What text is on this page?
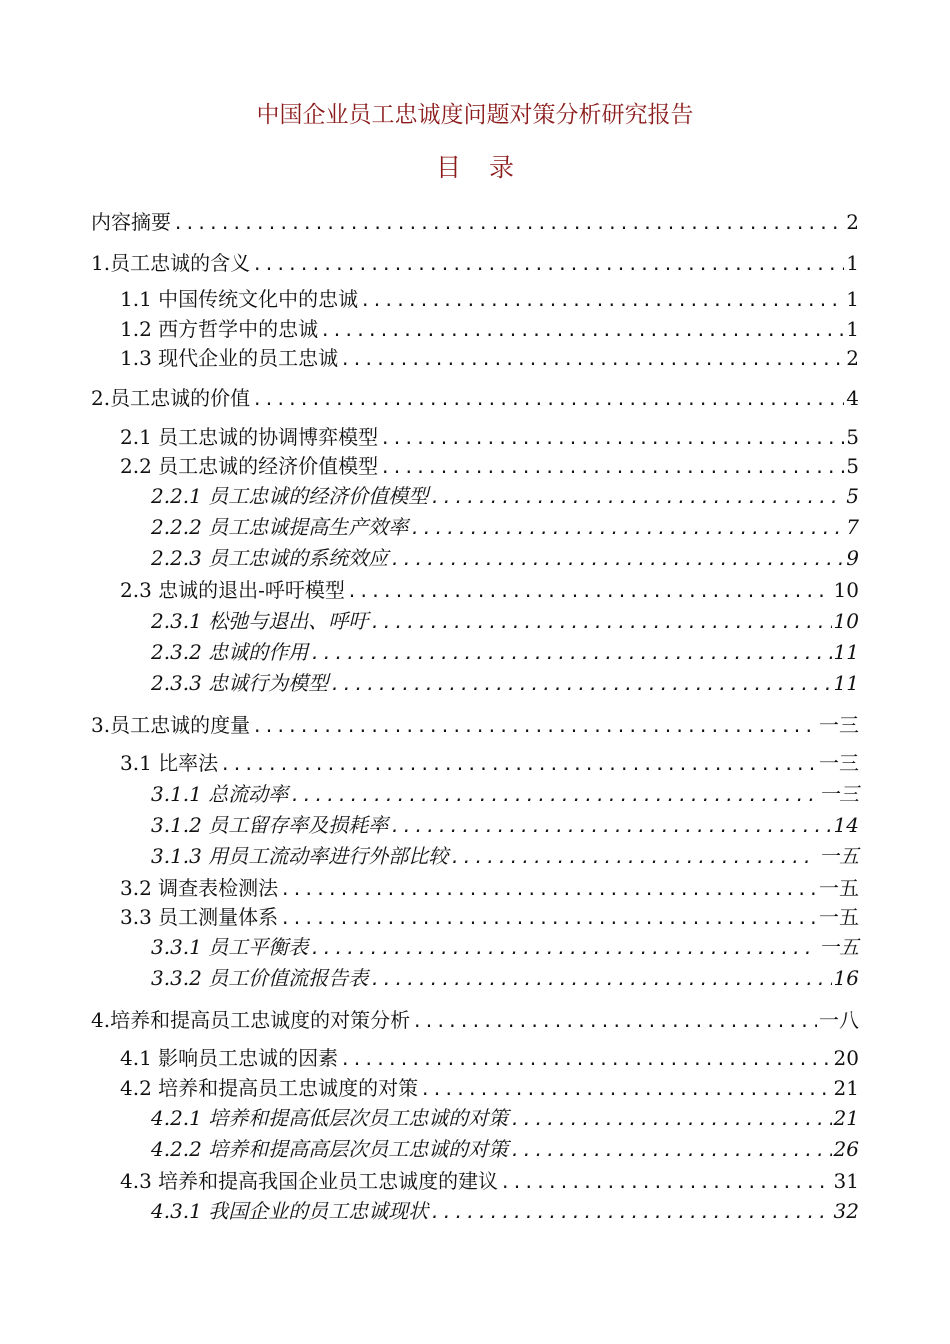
中国企业员工忠诚度问题对策分析研究报告
目录
内容摘要 .....	2
1.员工忠诚的含义 .....	1
1.1 中国传统文化中的忠诚 .....	1
1.2 西方哲学中的忠诚 .....	1
1.3 现代企业的员工忠诚 .....	2
2.员工忠诚的价值 .....	4
2.1 员工忠诚的协调博弈模型 .....	5
2.2 员工忠诚的经济价值模型 .....	5
2.2.1 员工忠诚的经济价值模型 .....	5
2.2.2 员工忠诚提高生产效率 .....	7
2.2.3 员工忠诚的系统效应 .....	9
2.3 忠诚的退出-呼吁模型 .....	10
2.3.1 松弛与退出、呼吁 .....	10
2.3.2 忠诚的作用 .....	11
2.3.3 忠诚行为模型 .....	11
3.员工忠诚的度量 .....	一三
3.1 比率法 .....	一三
3.1.1 总流动率 .....	一三
3.1.2 员工留存率及损耗率 .....	14
3.1.3 用员工流动率进行外部比较 .....	一五
3.2 调查表检测法 .....	一五
3.3 员工测量体系 .....	一五
3.3.1 员工平衡表 .....	一五
3.3.2 员工价值流报告表 .....	16
4.培养和提高员工忠诚度的对策分析 .....	一八
4.1 影响员工忠诚的因素 .....	20
4.2 培养和提高员工忠诚度的对策 .....	21
4.2.1 培养和提高低层次员工忠诚的对策 .....	21
4.2.2 培养和提高高层次员工忠诚的对策 .....	26
4.3 培养和提高我国企业员工忠诚度的建议 .....	31
4.3.1 我国企业的员工忠诚现状 .....	32
